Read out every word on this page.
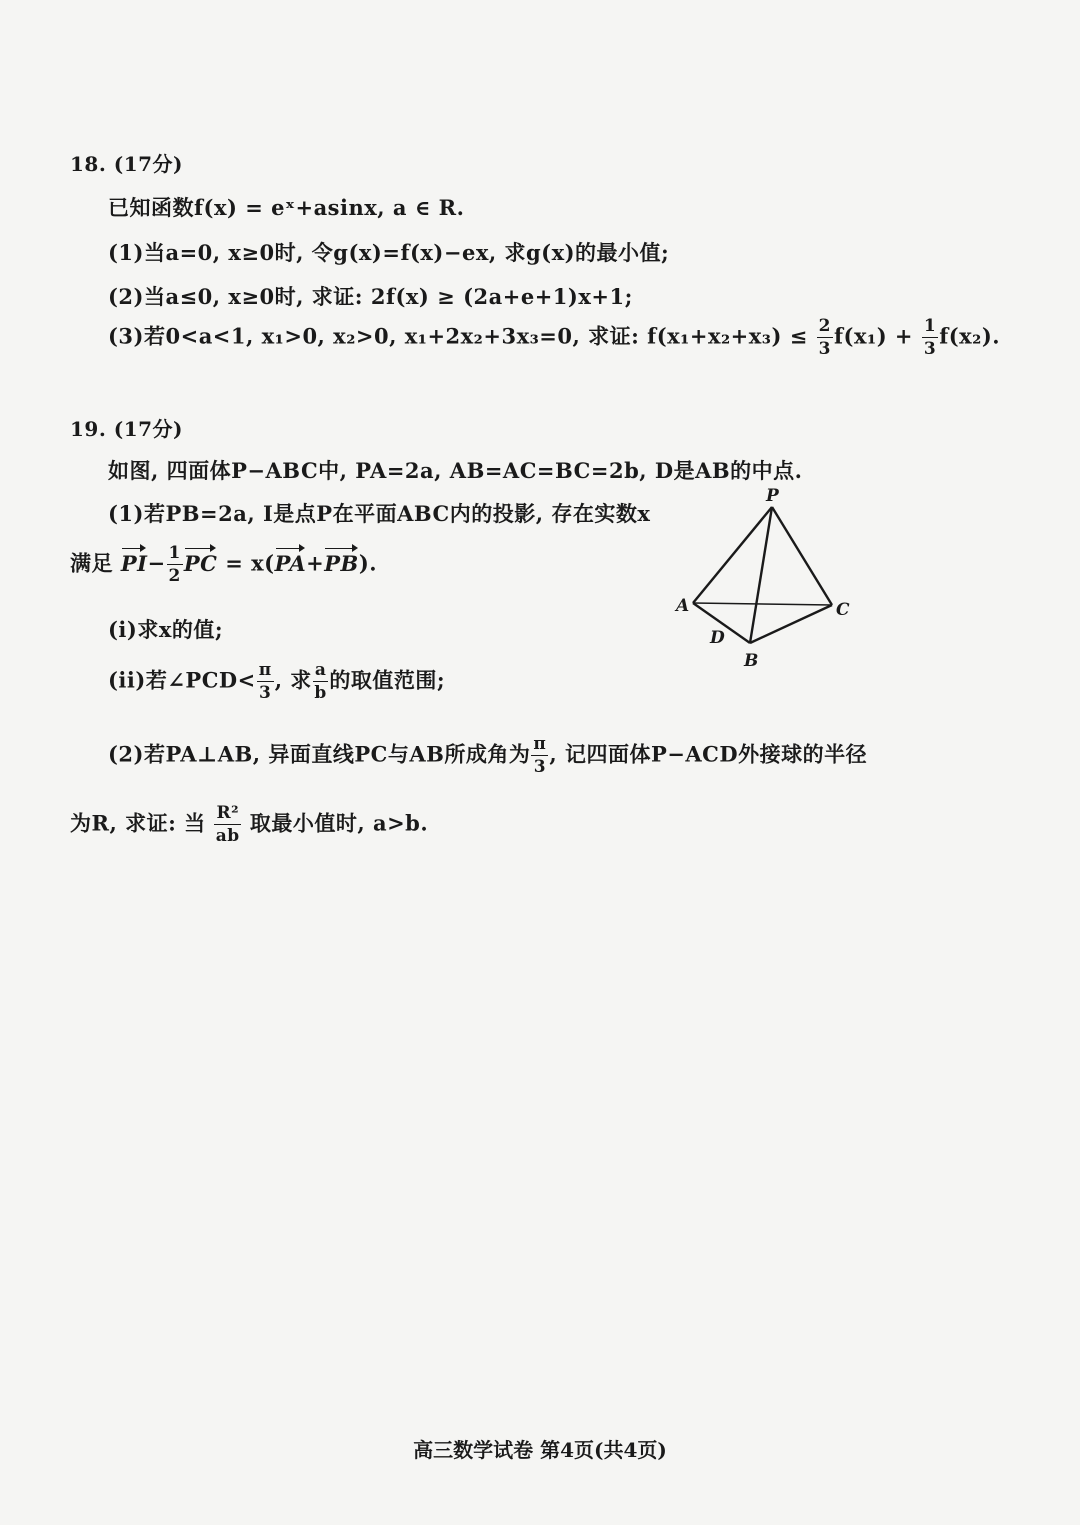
18. (17分)
已知函数f(x) = eˣ+asinx, a ∈ R.
(1)当a=0, x≥0时, 令g(x)=f(x)−ex, 求g(x)的最小值;
(2)当a≤0, x≥0时, 求证: 2f(x) ≥ (2a+e+1)x+1;
(3)若0<a<1, x₁>0, x₂>0, x₁+2x₂+3x₃=0, 求证: $f(x_1+x_2+x_3) \le \frac{2}{3} f(x_1) + \frac{1}{3} f(x_2)$.
19. (17分)
如图, 四面体P−ABC中, PA=2a, AB=AC=BC=2b, D是AB的中点.
(1)若PB=2a, I是点P在平面ABC内的投影, 存在实数x
满足 $PI- \frac{1}{2}$ PC = x(PA+PB).
(i)求x的值;
(ii)若∠PCD< $\frac{\pi}{3}$ , 求 $\frac{a}{b}$ 的取值范围;
(2)若PA⊥AB, 异面直线PC与AB所成角为 $\frac{\pi}{3}$ , 记四面体P−ACD外接球的半径
为R, 求证: 当 $\frac{\text{R²}}{ab}$ 取最小值时, a>b.
P
A	C
B
D
高三数学试卷 第4页(共4页)
